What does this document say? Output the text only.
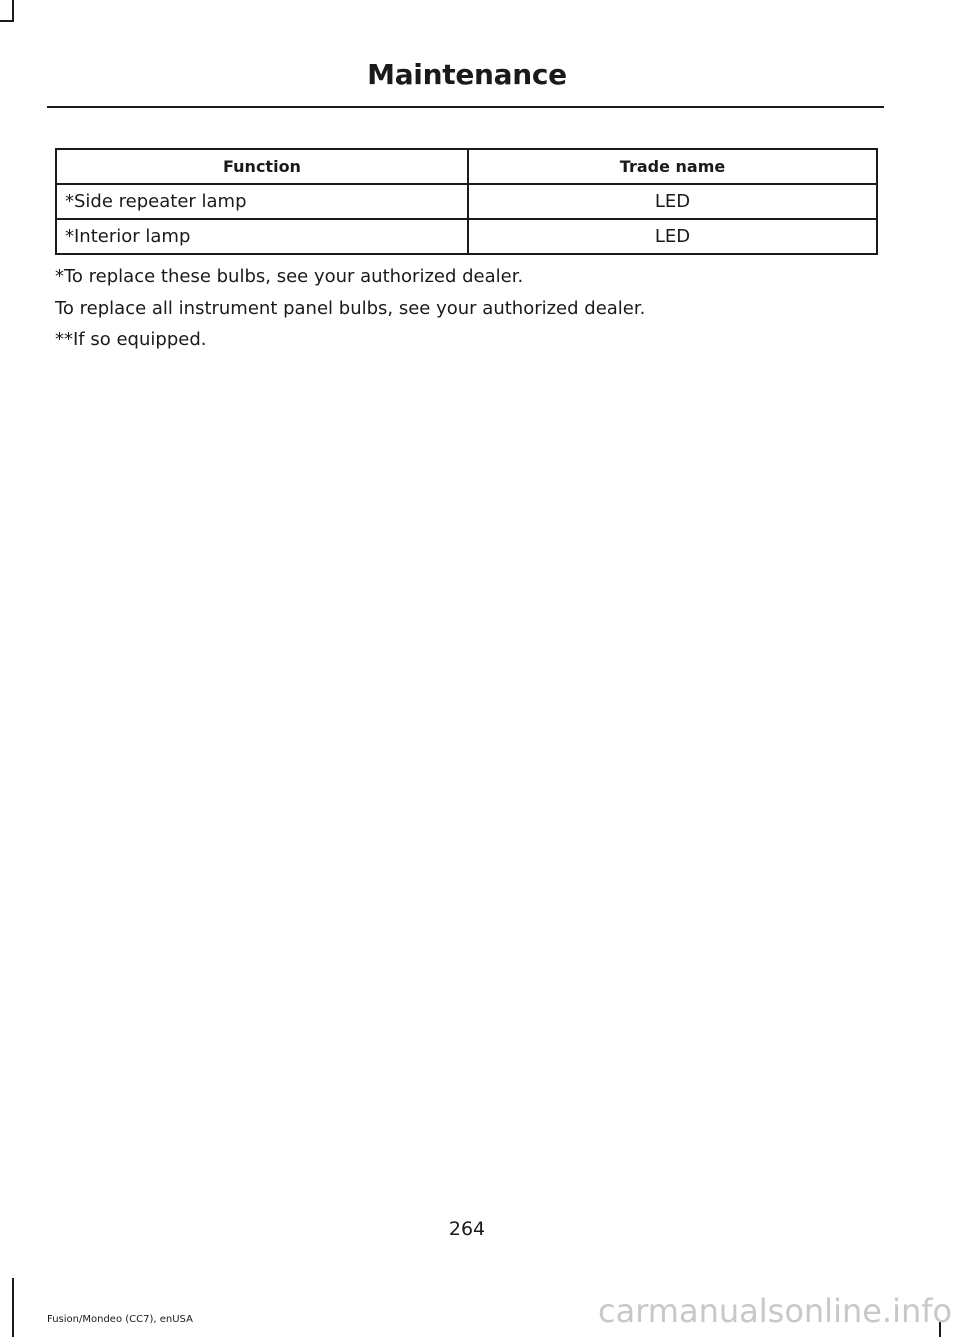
Maintenance
Function	Trade name
*Side repeater lamp	LED
*Interior lamp	LED

*To replace these bulbs, see your authorized dealer.

To replace all instrument panel bulbs, see your authorized dealer.

**If so equipped.

264
Fusion/Mondeo (CC7), enUSA	carmanualsonline.info
